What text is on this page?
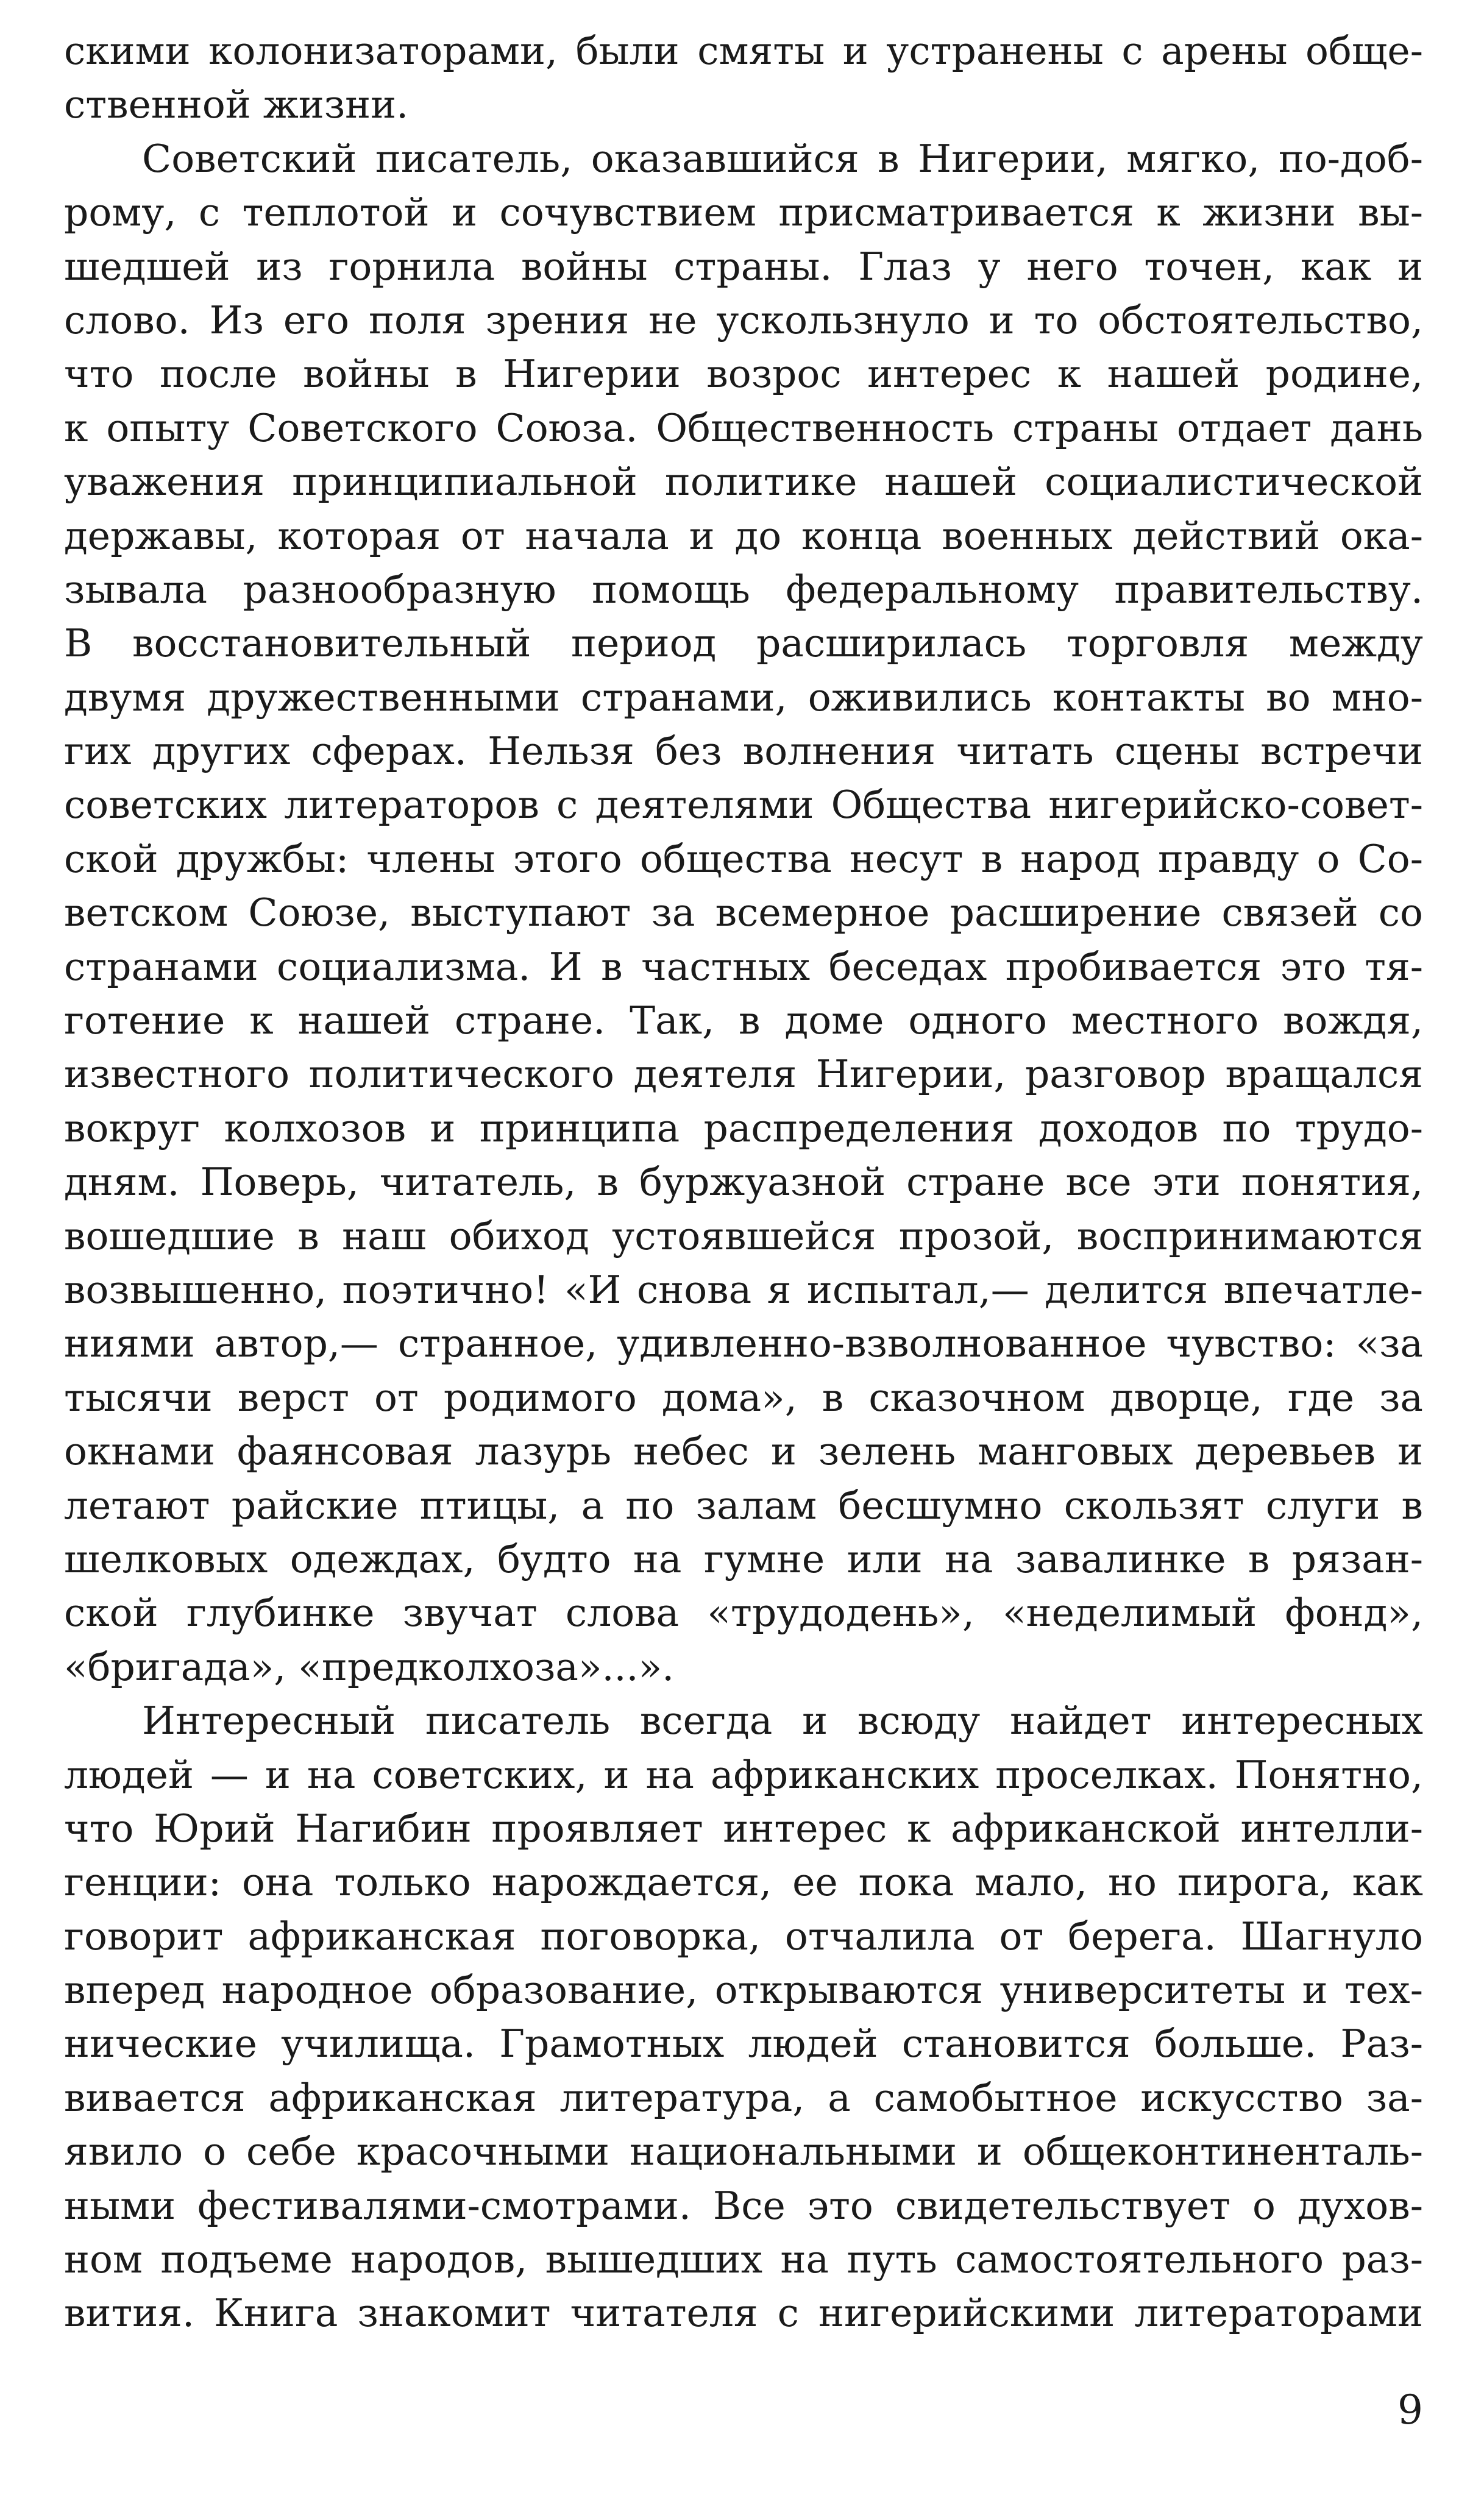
скими колонизаторами, были смяты и устранены с арены обще-
ственной жизни.
Советский писатель, оказавшийся в Нигерии, мягко, по-доб-
рому, с теплотой и сочувствием присматривается к жизни вы-
шедшей из горнила войны страны. Глаз у него точен, как и
слово. Из его поля зрения не ускользнуло и то обстоятельство,
что после войны в Нигерии возрос интерес к нашей родине,
к опыту Советского Союза. Общественность страны отдает дань
уважения принципиальной политике нашей социалистической
державы, которая от начала и до конца военных действий ока-
зывала разнообразную помощь федеральному правительству.
В восстановительный период расширилась торговля между
двумя дружественными странами, оживились контакты во мно-
гих других сферах. Нельзя без волнения читать сцены встречи
советских литераторов с деятелями Общества нигерийско-совет-
ской дружбы: члены этого общества несут в народ правду о Со-
ветском Союзе, выступают за всемерное расширение связей со
странами социализма. И в частных беседах пробивается это тя-
готение к нашей стране. Так, в доме одного местного вождя,
известного политического деятеля Нигерии, разговор вращался
вокруг колхозов и принципа распределения доходов по трудо-
дням. Поверь, читатель, в буржуазной стране все эти понятия,
вошедшие в наш обиход устоявшейся прозой, воспринимаются
возвышенно, поэтично! «И снова я испытал,— делится впечатле-
ниями автор,— странное, удивленно-взволнованное чувство: «за
тысячи верст от родимого дома», в сказочном дворце, где за
окнами фаянсовая лазурь небес и зелень манговых деревьев и
летают райские птицы, а по залам бесшумно скользят слуги в
шелковых одеждах, будто на гумне или на завалинке в рязан-
ской глубинке звучат слова «трудодень», «неделимый фонд»,
«бригада», «предколхоза»...».
Интересный писатель всегда и всюду найдет интересных
людей — и на советских, и на африканских проселках. Понятно,
что Юрий Нагибин проявляет интерес к африканской интелли-
генции: она только нарождается, ее пока мало, но пирога, как
говорит африканская поговорка, отчалила от берега. Шагнуло
вперед народное образование, открываются университеты и тех-
нические училища. Грамотных людей становится больше. Раз-
вивается африканская литература, а самобытное искусство за-
явило о себе красочными национальными и общеконтиненталь-
ными фестивалями-смотрами. Все это свидетельствует о духов-
ном подъеме народов, вышедших на путь самостоятельного раз-
вития. Книга знакомит читателя с нигерийскими литераторами
9
